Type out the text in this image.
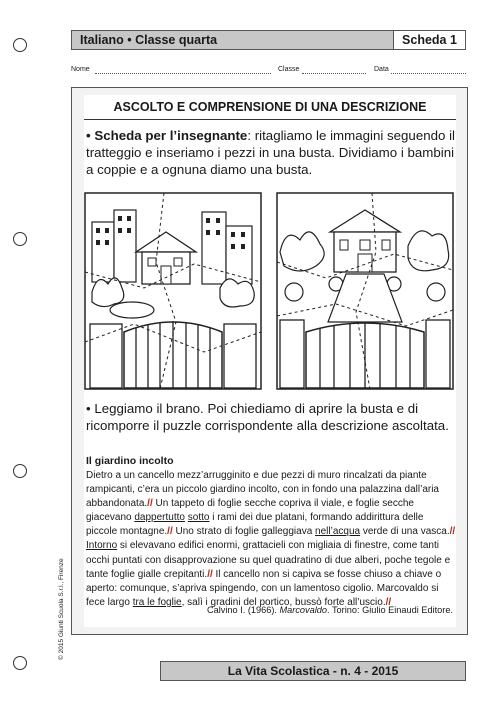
Italiano • Classe quarta	Scheda 1
Nome	Classe	Data
ASCOLTO E COMPRENSIONE DI UNA DESCRIZIONE

• Scheda per l’insegnante: ritagliamo le immagini seguendo il tratteggio e inseriamo i pezzi in una busta. Dividiamo i bambini a coppie e a ognuna diamo una busta.

• Leggiamo il brano. Poi chiediamo di aprire la busta e di ricomporre il puzzle corrispondente alla descrizione ascoltata.

Il giardino incolto

Dietro a un cancello mezz’arrugginito e due pezzi di muro rincalzati da piante rampicanti, c’era un piccolo giardino incolto, con in fondo una palazzina dall’aria abbandonata.// Un tappeto di foglie secche copriva il viale, e foglie secche giacevano dappertutto sotto i rami dei due platani, formando addirittura delle piccole montagne.// Uno strato di foglie galleggiava nell’acqua verde di una vasca.// Intorno si elevavano edifici enormi, grattacieli con migliaia di finestre, come tanti occhi puntati con disapprovazione su quel quadratino di due alberi, poche tegole e tante foglie gialle crepitanti.// Il cancello non si capiva se fosse chiuso a chiave o aperto: comunque, s’apriva spingendo, con un lamentoso cigolio. Marcovaldo si fece largo tra le foglie, salì i gradini del portico, bussò forte all’uscio.//

Calvino I. (1966). Marcovaldo. Torino: Giulio Einaudi Editore.
© 2015 Giunti Scuola S.r.l., Firenze
La Vita Scolastica - n. 4 - 2015
